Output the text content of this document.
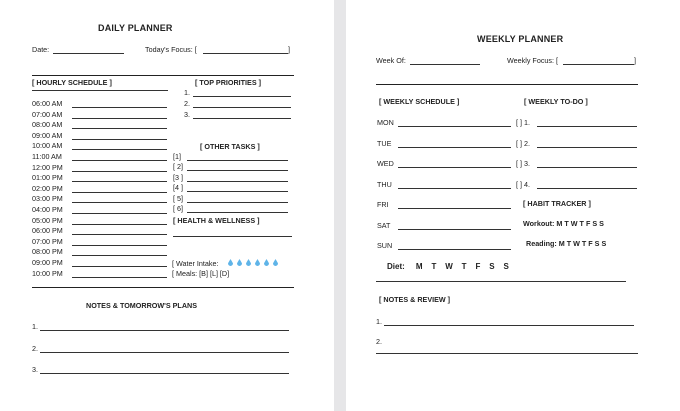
DAILY PLANNER
Date:	Today's Focus: [	]
[ HOURLY SCHEDULE ]	[ TOP PRIORITIES ]
1.
2.
3.
06:00 AM
07:00 AM
08:00 AM
09:00 AM
10:00 AM
11:00 AM
12:00 PM
01:00 PM
02:00 PM
03:00 PM
04:00 PM
05:00 PM
06:00 PM
07:00 PM
08:00 PM
09:00 PM
10:00 PM
[ OTHER TASKS ]
[1]
[ 2]
[3 ]
[4 ]
[ 5]
[ 6]
[ HEALTH & WELLNESS ]
[ Water Intake:
[ Meals: [B] [L] [D]
NOTES & TOMORROW'S PLANS
1.
2.
3.
WEEKLY PLANNER
Week Of:	Weekly Focus: [	]
[ WEEKLY SCHEDULE ]	[ WEEKLY TO-DO ]
MON
TUE
WED
THU
FRI
SAT
SUN
[ ] 1.
[ ] 2.
[ ] 3.
[ ] 4.
[ HABIT TRACKER ]
Workout: M T W T F S S
Reading: M T W T F S S
Diet:     M    T    W    T    F    S    S
[ NOTES & REVIEW ]
1.
2.
